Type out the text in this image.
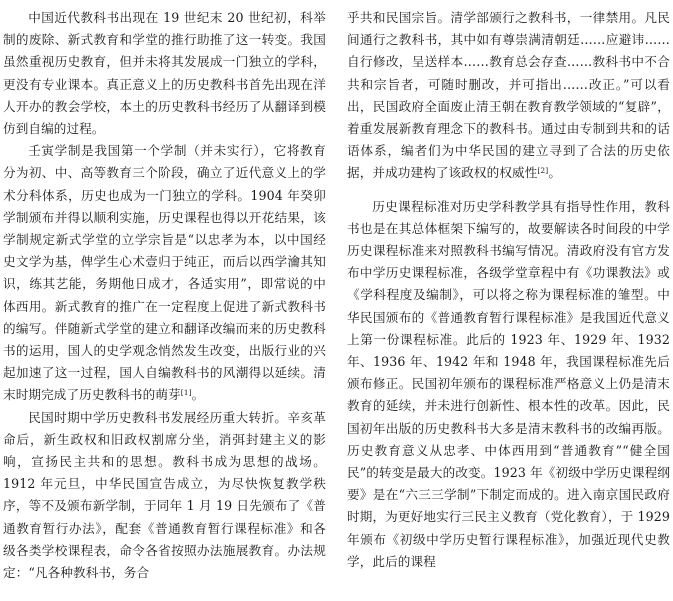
中国近代教科书出现在 19 世纪末 20 世纪初，科举制的废除、新式教育和学堂的推行助推了这一转变。我国虽然重视历史教育，但并未将其发展成一门独立的学科，更没有专业课本。真正意义上的历史教科书首先出现在洋人开办的教会学校，本土的历史教科书经历了从翻译到模仿到自编的过程。

壬寅学制是我国第一个学制（并未实行），它将教育分为初、中、高等教育三个阶段，确立了近代意义上的学术分科体系，历史也成为一门独立的学科。1904 年癸卯学制颁布并得以顺利实施，历史课程也得以开花结果，该学制规定新式学堂的立学宗旨是“以忠孝为本，以中国经史文学为基，俾学生心术壹归于纯正，而后以西学瀹其知识，练其艺能，务期他日成才，各适实用”，即常说的中体西用。新式教育的推广在一定程度上促进了新式教科书的编写。伴随新式学堂的建立和翻译改编而来的历史教科书的运用，国人的史学观念悄然发生改变，出版行业的兴起加速了这一过程，国人自编教科书的风潮得以延续。清末时期完成了历史教科书的萌芽[1]。

民国时期中学历史教科书发展经历重大转折。辛亥革命后，新生政权和旧政权割席分坐，消弭封建主义的影响，宣扬民主共和的思想。教科书成为思想的战场。1912 年元旦，中华民国宣告成立，为尽快恢复教学秩序，等不及颁布新学制，于同年 1 月 19 日先颁布了《普通教育暂行办法》，配套《普通教育暂行课程标准》和各级各类学校课程表，命令各省按照办法施展教育。办法规定：“凡各种教科书，务合

乎共和民国宗旨。清学部颁行之教科书，一律禁用。凡民间通行之教科书，其中如有尊崇满清朝廷……应避讳……自行修改，呈送样本……教育总会存查……教科书中不合共和宗旨者，可随时删改，并可指出……改正。”可以看出，民国政府全面废止清王朝在教育教学领域的“复辟”，着重发展新教育理念下的教科书。通过由专制到共和的话语体系，编者们为中华民国的建立寻到了合法的历史依据，并成功建构了该政权的权威性[2]。

历史课程标准对历史学科教学具有指导性作用，教科书也是在其总体框架下编写的，故要解读各时间段的中学历史课程标准来对照教科书编写情况。清政府没有官方发布中学历史课程标准，各级学堂章程中有《功课教法》或《学科程度及编制》，可以将之称为课程标准的雏型。中华民国颁布的《普通教育暂行课程标准》是我国近代意义上第一份课程标准。此后的 1923 年、1929 年、1932 年、1936 年、1942 年和 1948 年，我国课程标准先后颁布修正。民国初年颁布的课程标准严格意义上仍是清末教育的延续，并未进行创新性、根本性的改革。因此，民国初年出版的历史教科书大多是清末教科书的改编再版。历史教育意义从忠孝、中体西用到“普通教育”“健全国民”的转变是最大的改变。1923 年《初级中学历史课程纲要》是在“六三三学制”下制定而成的。进入南京国民政府时期，为更好地实行三民主义教育（党化教育），于 1929 年颁布《初级中学历史暂行课程标准》，加强近现代史教学，此后的课程
